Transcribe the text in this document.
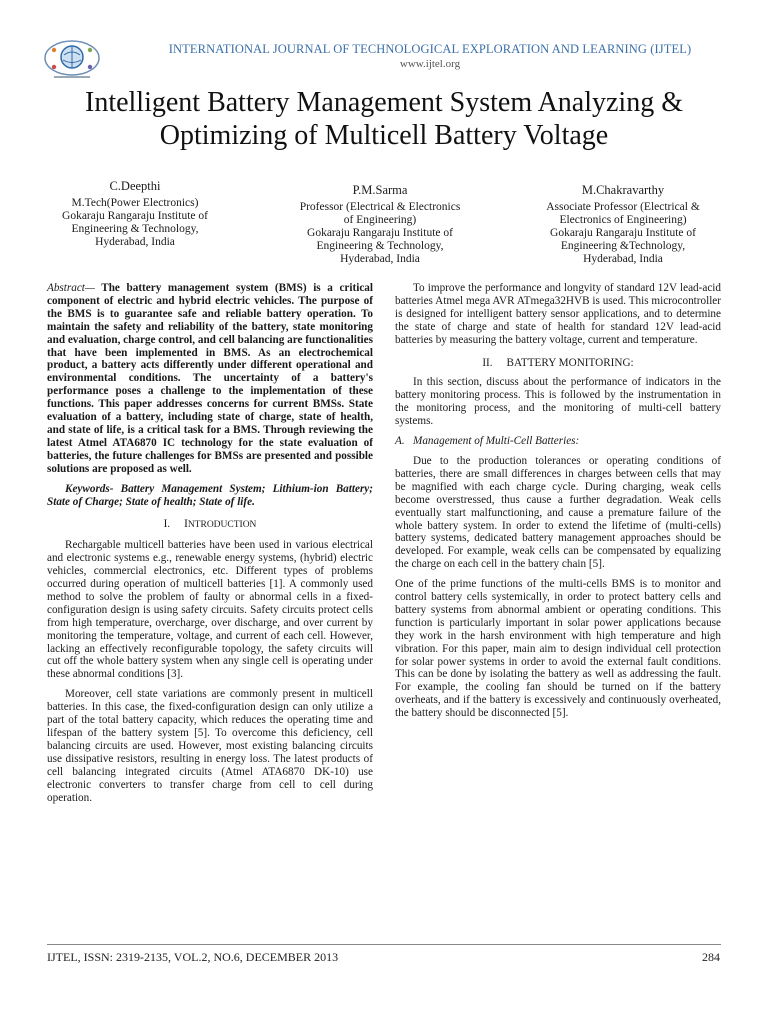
INTERNATIONAL JOURNAL OF TECHNOLOGICAL EXPLORATION AND LEARNING (IJTEL)
www.ijtel.org
Intelligent Battery Management System Analyzing &
Optimizing of Multicell Battery Voltage
C.Deepthi
M.Tech(Power Electronics)
Gokaraju Rangaraju Institute of
Engineering & Technology,
Hyderabad, India
P.M.Sarma
Professor (Electrical & Electronics
of Engineering)
Gokaraju Rangaraju Institute of
Engineering & Technology,
Hyderabad, India
M.Chakravarthy
Associate Professor (Electrical &
Electronics of Engineering)
Gokaraju Rangaraju Institute of
Engineering &Technology,
Hyderabad, India

Abstract— The battery management system (BMS) is a critical component of electric and hybrid electric vehicles. The purpose of the BMS is to guarantee safe and reliable battery operation. To maintain the safety and reliability of the battery, state monitoring and evaluation, charge control, and cell balancing are functionalities that have been implemented in BMS. As an electrochemical product, a battery acts differently under different operational and environmental conditions. The uncertainty of a battery's performance poses a challenge to the implementation of these functions. This paper addresses concerns for current BMSs. State evaluation of a battery, including state of charge, state of health, and state of life, is a critical task for a BMS. Through reviewing the latest Atmel ATA6870 IC technology for the state evaluation of batteries, the future challenges for BMSs are presented and possible solutions are proposed as well.

Keywords- Battery Management System; Lithium-ion Battery; State of Charge; State of health; State of life.

I. INTRODUCTION

Rechargable multicell batteries have been used in various electrical and electronic systems e.g., renewable energy systems, (hybrid) electric vehicles, commercial electronics, etc. Different types of problems occurred during operation of multicell batteries [1]. A commonly used method to solve the problem of faulty or abnormal cells in a fixed-configuration design is using safety circuits. Safety circuits protect cells from high temperature, overcharge, over discharge, and over current by monitoring the temperature, voltage, and current of each cell. However, lacking an effectively reconfigurable topology, the safety circuits will cut off the whole battery system when any single cell is operating under these abnormal conditions [3].

Moreover, cell state variations are commonly present in multicell batteries. In this case, the fixed-configuration design can only utilize a part of the total battery capacity, which reduces the operating time and lifespan of the battery system [5]. To overcome this deficiency, cell balancing circuits are used. However, most existing balancing circuits use dissipative resistors, resulting in energy loss. The latest products of cell balancing integrated circuits (Atmel ATA6870 DK-10) use electronic converters to transfer charge from cell to cell during operation.

To improve the performance and longvity of standard 12V lead-acid batteries Atmel mega AVR ATmega32HVB is used. This microcontroller is designed for intelligent battery sensor applications, and to determine the state of charge and state of health for standard 12V lead-acid batteries by measuring the battery voltage, current and temperature.

II.     BATTERY MONITORING:

In this section, discuss about the performance of indicators in the battery monitoring process. This is followed by the instrumentation in the monitoring process, and the monitoring of multi-cell battery systems.

A.   Management of Multi-Cell Batteries:

Due to the production tolerances or operating conditions of batteries, there are small differences in charges between cells that may be magnified with each charge cycle. During charging, weak cells become overstressed, thus cause a further degradation. Weak cells eventually start malfunctioning, and cause a premature failure of the whole battery system. In order to extend the lifetime of (multi-cells) battery systems, dedicated battery management approaches should be developed. For example, weak cells can be compensated by equalizing the charge on each cell in the battery chain [5].

One of the prime functions of the multi-cells BMS is to monitor and control battery cells systemically, in order to protect battery cells and battery systems from abnormal ambient or operating conditions. This function is particularly important in solar power applications because they work in the harsh environment with high temperature and high vibration. For this paper, main aim to design individual cell protection for solar power systems in order to avoid the external fault conditions. This can be done by isolating the battery as well as addressing the fault. For example, the cooling fan should be turned on if the battery overheats, and if the battery is excessively and continuously overheated, the battery should be disconnected [5].

IJTEL, ISSN: 2319-2135, VOL.2, NO.6, DECEMBER 2013	284
